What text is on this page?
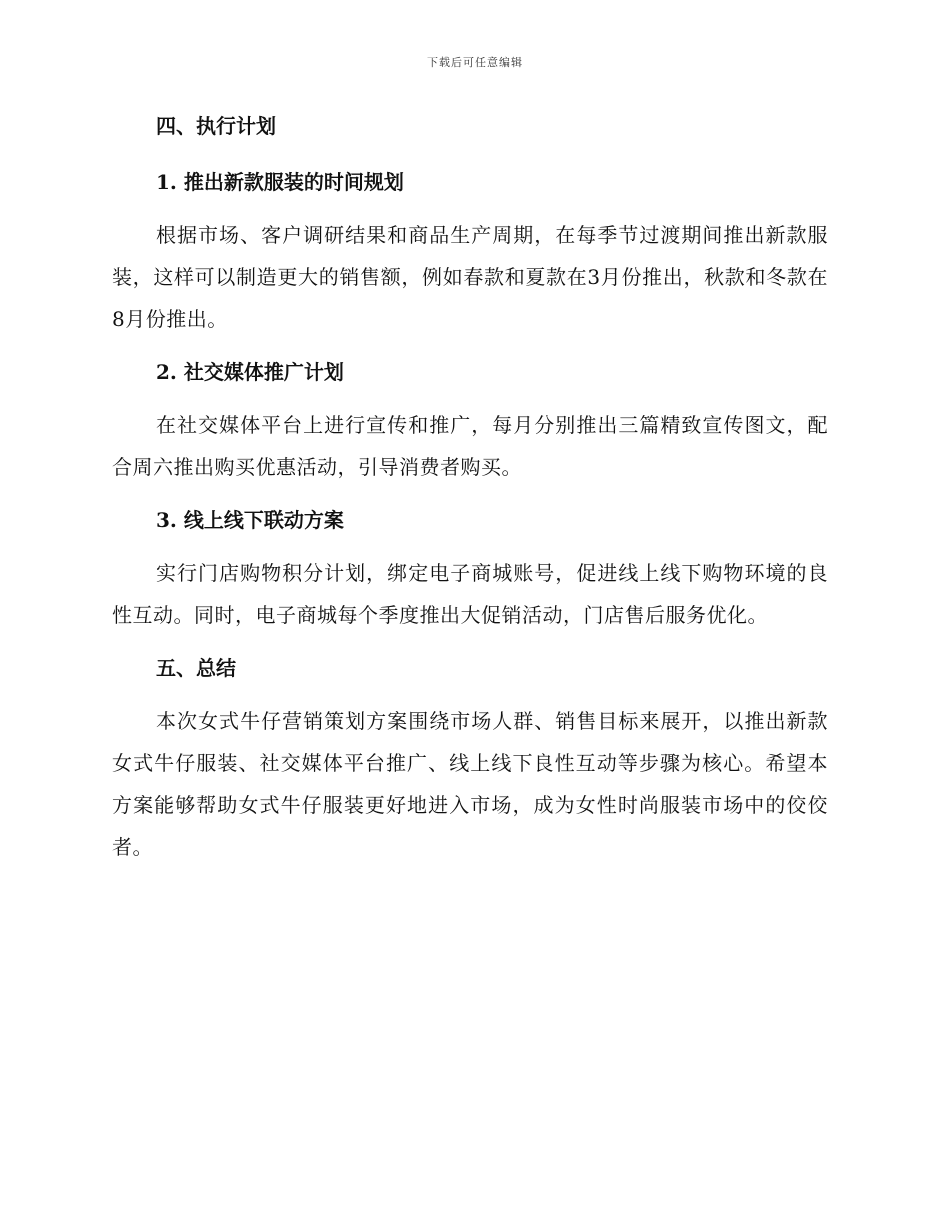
下载后可任意编辑
四、执行计划
1. 推出新款服装的时间规划

根据市场、客户调研结果和商品生产周期，在每季节过渡期间推出新款服装，这样可以制造更大的销售额，例如春款和夏款在3月份推出，秋款和冬款在8月份推出。

2. 社交媒体推广计划

在社交媒体平台上进行宣传和推广，每月分别推出三篇精致宣传图文，配合周六推出购买优惠活动，引导消费者购买。

3. 线上线下联动方案

实行门店购物积分计划，绑定电子商城账号，促进线上线下购物环境的良性互动。同时，电子商城每个季度推出大促销活动，门店售后服务优化。

五、总结

本次女式牛仔营销策划方案围绕市场人群、销售目标来展开，以推出新款女式牛仔服装、社交媒体平台推广、线上线下良性互动等步骤为核心。希望本方案能够帮助女式牛仔服装更好地进入市场，成为女性时尚服装市场中的佼佼者。
